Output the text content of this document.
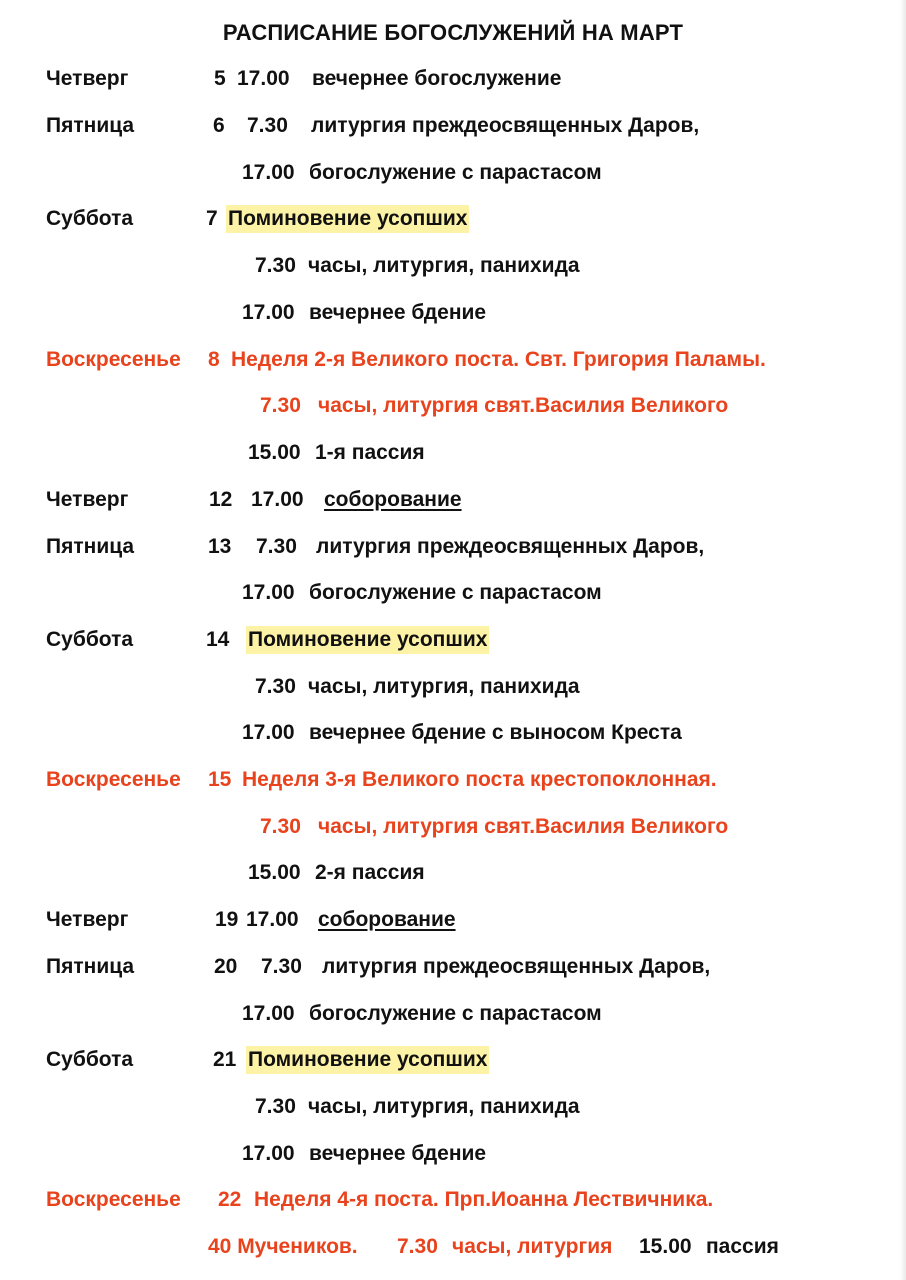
РАСПИСАНИЕ БОГОСЛУЖЕНИЙ НА МАРТ
Четверг	5 17.00 вечернее богослужение
Пятница	6 7.30 литургия преждеосвященных Даров,
17.00 богослужение с парастасом
Суббота	7 Поминовение усопших
7.30 часы, литургия, панихида
17.00 вечернее бдение
Воскресенье 8 Неделя 2-я Великого поста. Свт. Григория Паламы.
7.30 часы, литургия свят.Василия Великого
15.00 1-я пассия
Четверг	12 17.00 соборование
Пятница	13 7.30 литургия преждеосвященных Даров,
17.00 богослужение с парастасом
Суббота	14 Поминовение усопших
7.30 часы, литургия, панихида
17.00 вечернее бдение с выносом Креста
Воскресенье 15 Неделя 3-я Великого поста крестопоклонная.
7.30 часы, литургия свят.Василия Великого
15.00 2-я пассия
Четверг	19 17.00 соборование
Пятница	20 7.30 литургия преждеосвященных Даров,
17.00 богослужение с парастасом
Суббота	21 Поминовение усопших
7.30 часы, литургия, панихида
17.00 вечернее бдение
Воскресенье 22 Неделя 4-я поста. Прп.Иоанна Лествичника.
40 Мучеников. 7.30 часы, литургия 15.00 пассия
